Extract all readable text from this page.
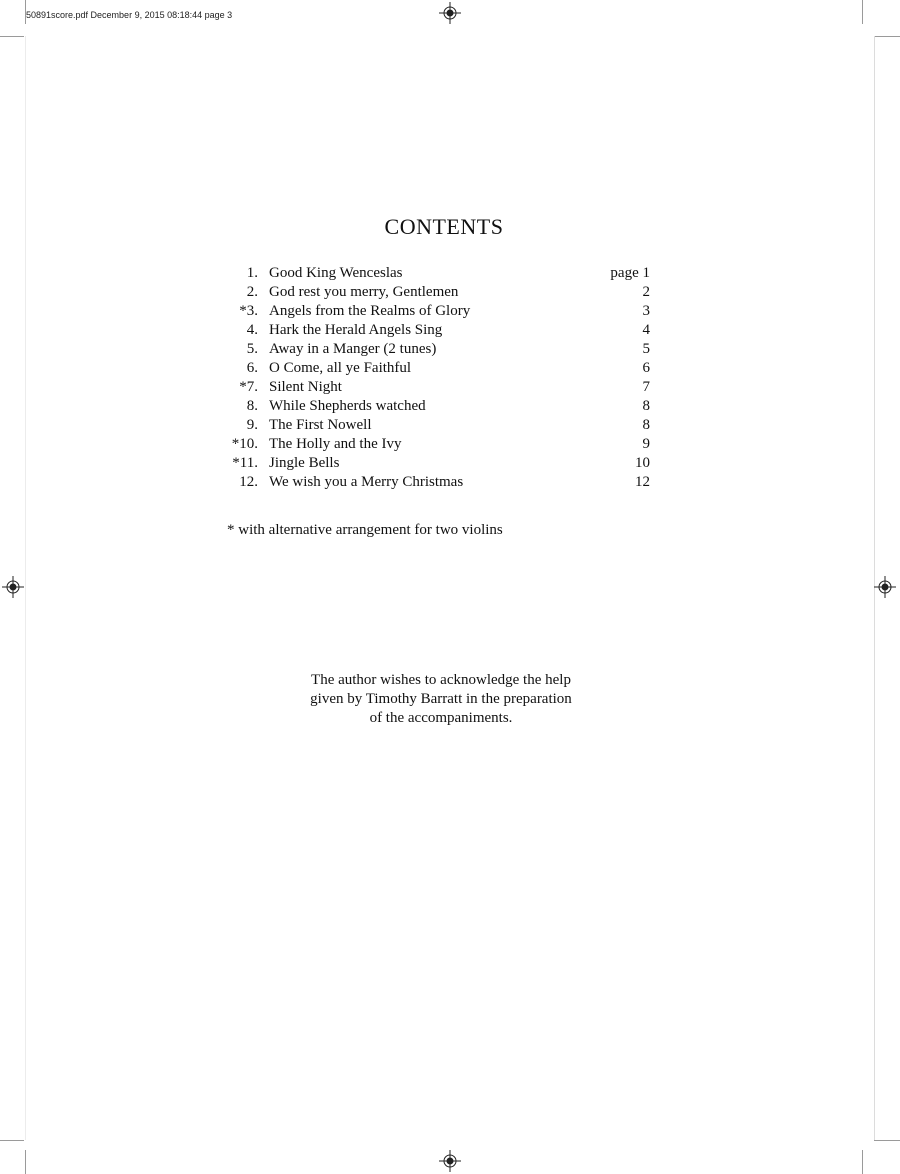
50891score.pdf December 9, 2015 08:18:44 page 3
CONTENTS
1. Good King Wenceslas	page 1
2. God rest you merry, Gentlemen	2
*3. Angels from the Realms of Glory	3
4. Hark the Herald Angels Sing	4
5. Away in a Manger (2 tunes)	5
6. O Come, all ye Faithful	6
*7. Silent Night	7
8. While Shepherds watched	8
9. The First Nowell	8
*10. The Holly and the Ivy	9
*11. Jingle Bells	10
12. We wish you a Merry Christmas	12
* with alternative arrangement for two violins
The author wishes to acknowledge the help
given by Timothy Barratt in the preparation
of the accompaniments.
